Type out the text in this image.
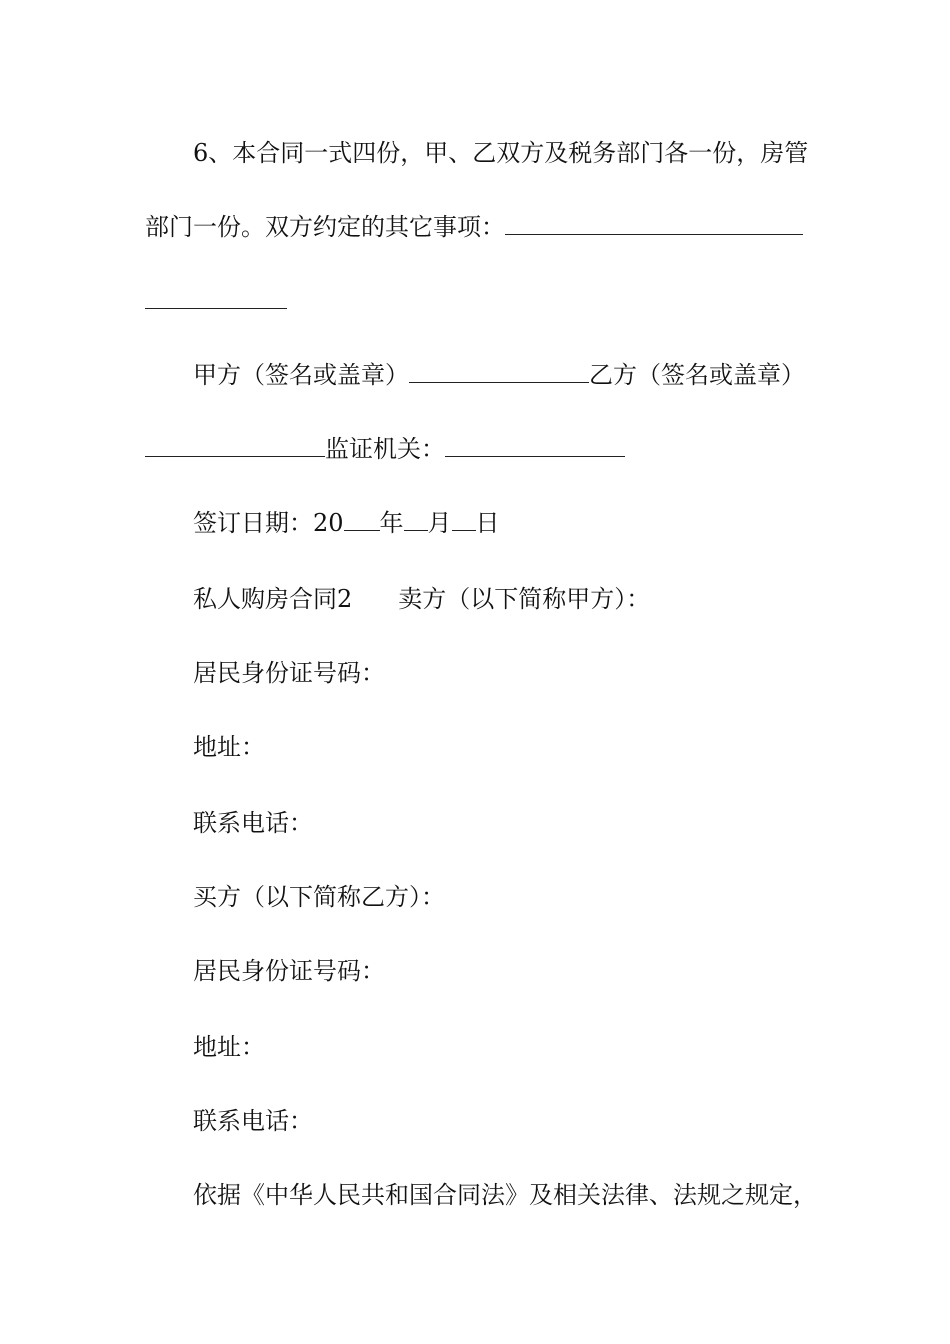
6、本合同一式四份，甲、乙双方及税务部门各一份，房管
部门一份。双方约定的其它事项：
甲方（签名或盖章）	乙方（签名或盖章）
监证机关：
签订日期：20 年 月 日
私人购房合同2 卖方（以下简称甲方）：
居民身份证号码：
地址：
联系电话：
买方（以下简称乙方）：
居民身份证号码：
地址：
联系电话：
依据《中华人民共和国合同法》及相关法律、法规之规定，
